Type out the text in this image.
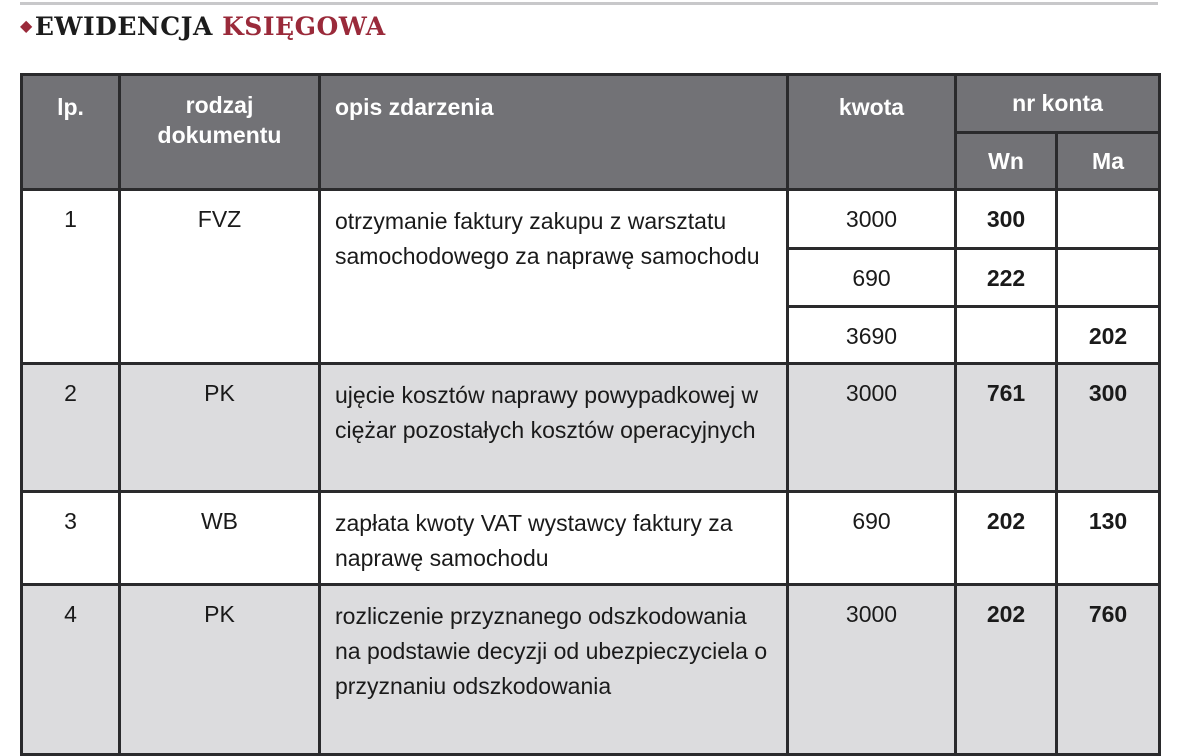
◆EWIDENCJA KSIĘGOWA
lp.	rodzaj dokumentu	opis zdarzenia	kwota	nr konta	

				Wn	Ma

1	FVZ	otrzymanie faktury zakupu z warsztatu samochodowego za naprawę samochodu	3000	300	

			690	222	

			3690		202

2	PK	ujęcie kosztów naprawy powypadkowej w ciężar pozostałych kosztów operacyjnych	3000	761	300

3	WB	zapłata kwoty VAT wystawcy faktury za naprawę samochodu	690	202	130

4	PK	rozliczenie przyznanego odszkodowania na podstawie decyzji od ubezpieczyciela o przyznaniu odszkodowania	3000	202	760
